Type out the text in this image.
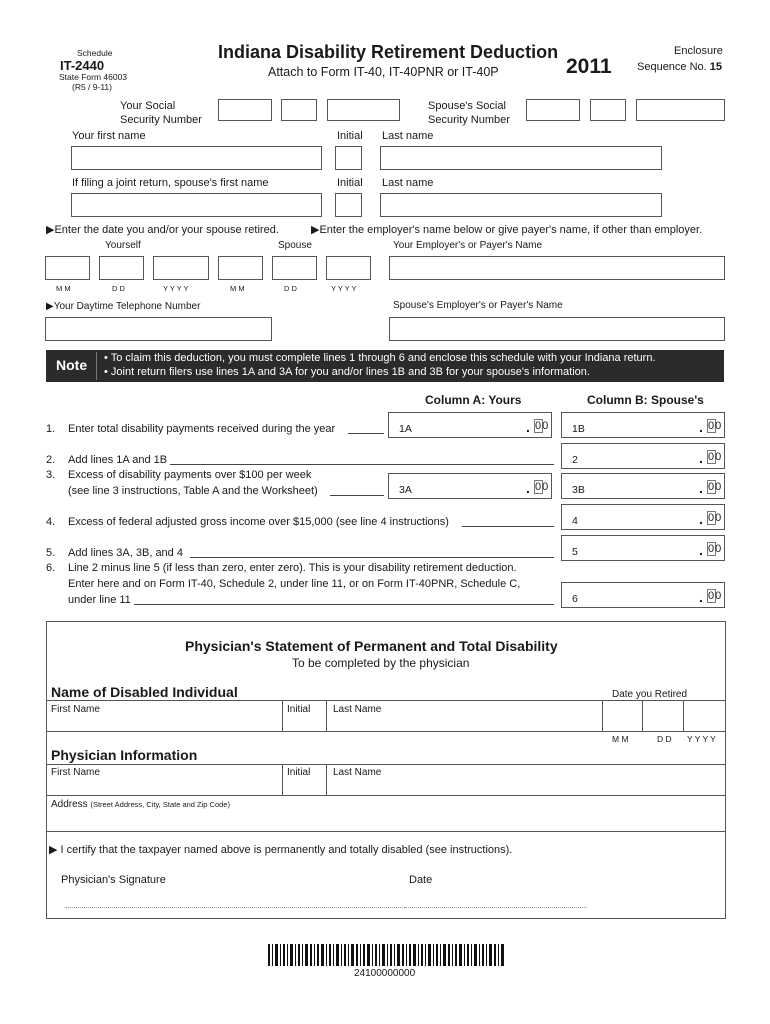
Schedule
IT-2440
State Form 46003
(R5 / 9-11)
Indiana Disability Retirement Deduction
Attach to Form IT-40, IT-40PNR or IT-40P	2011
Enclosure
Sequence No. 15
Your Social
Security Number
Spouse's Social
Security Number
Your first name	Initial Last name
If filing a joint return, spouse's first name	Initial Last name
▶Enter the date you and/or your spouse retired.	▶Enter the employer's name below or give payer's name, if other than employer.
Yourself	Spouse	Your Employer's or Payer's Name
M M	D D	Y Y Y Y	M M	D D	Y Y Y Y
▶Your Daytime Telephone Number	Spouse's Employer's or Payer's Name
Note • To claim this deduction, you must complete lines 1 through 6 and enclose this schedule with your Indiana return.
• Joint return filers use lines 1A and 3A for you and/or lines 1B and 3B for your spouse's information.
Column A: Yours	Column B: Spouse's
1. Enter total disability payments received during the year	1A	. 00 1B	. 00
2. Add lines 1A and 1B	2	. 00
3. Excess of disability payments over $100 per week
(see line 3 instructions, Table A and the Worksheet)	3A	. 00 3B	. 00
4. Excess of federal adjusted gross income over $15,000 (see line 4 instructions)	4	. 00
5. Add lines 3A, 3B, and 4	5	. 00
6. Line 2 minus line 5 (if less than zero, enter zero). This is your disability retirement deduction.
Enter here and on Form IT-40, Schedule 2, under line 11, or on Form IT-40PNR, Schedule C,
under line 11	6	. 00
Physician's Statement of Permanent and Total Disability
To be completed by the physician
Name of Disabled Individual	Date you Retired
First Name	Initial Last Name
M M	D D Y Y Y Y
Physician Information
First Name	Initial Last Name
Address (Street Address, City, State and Zip Code)
▶ I certify that the taxpayer named above is permanently and totally disabled (see instructions).
Physician's Signature	Date
24100000000
